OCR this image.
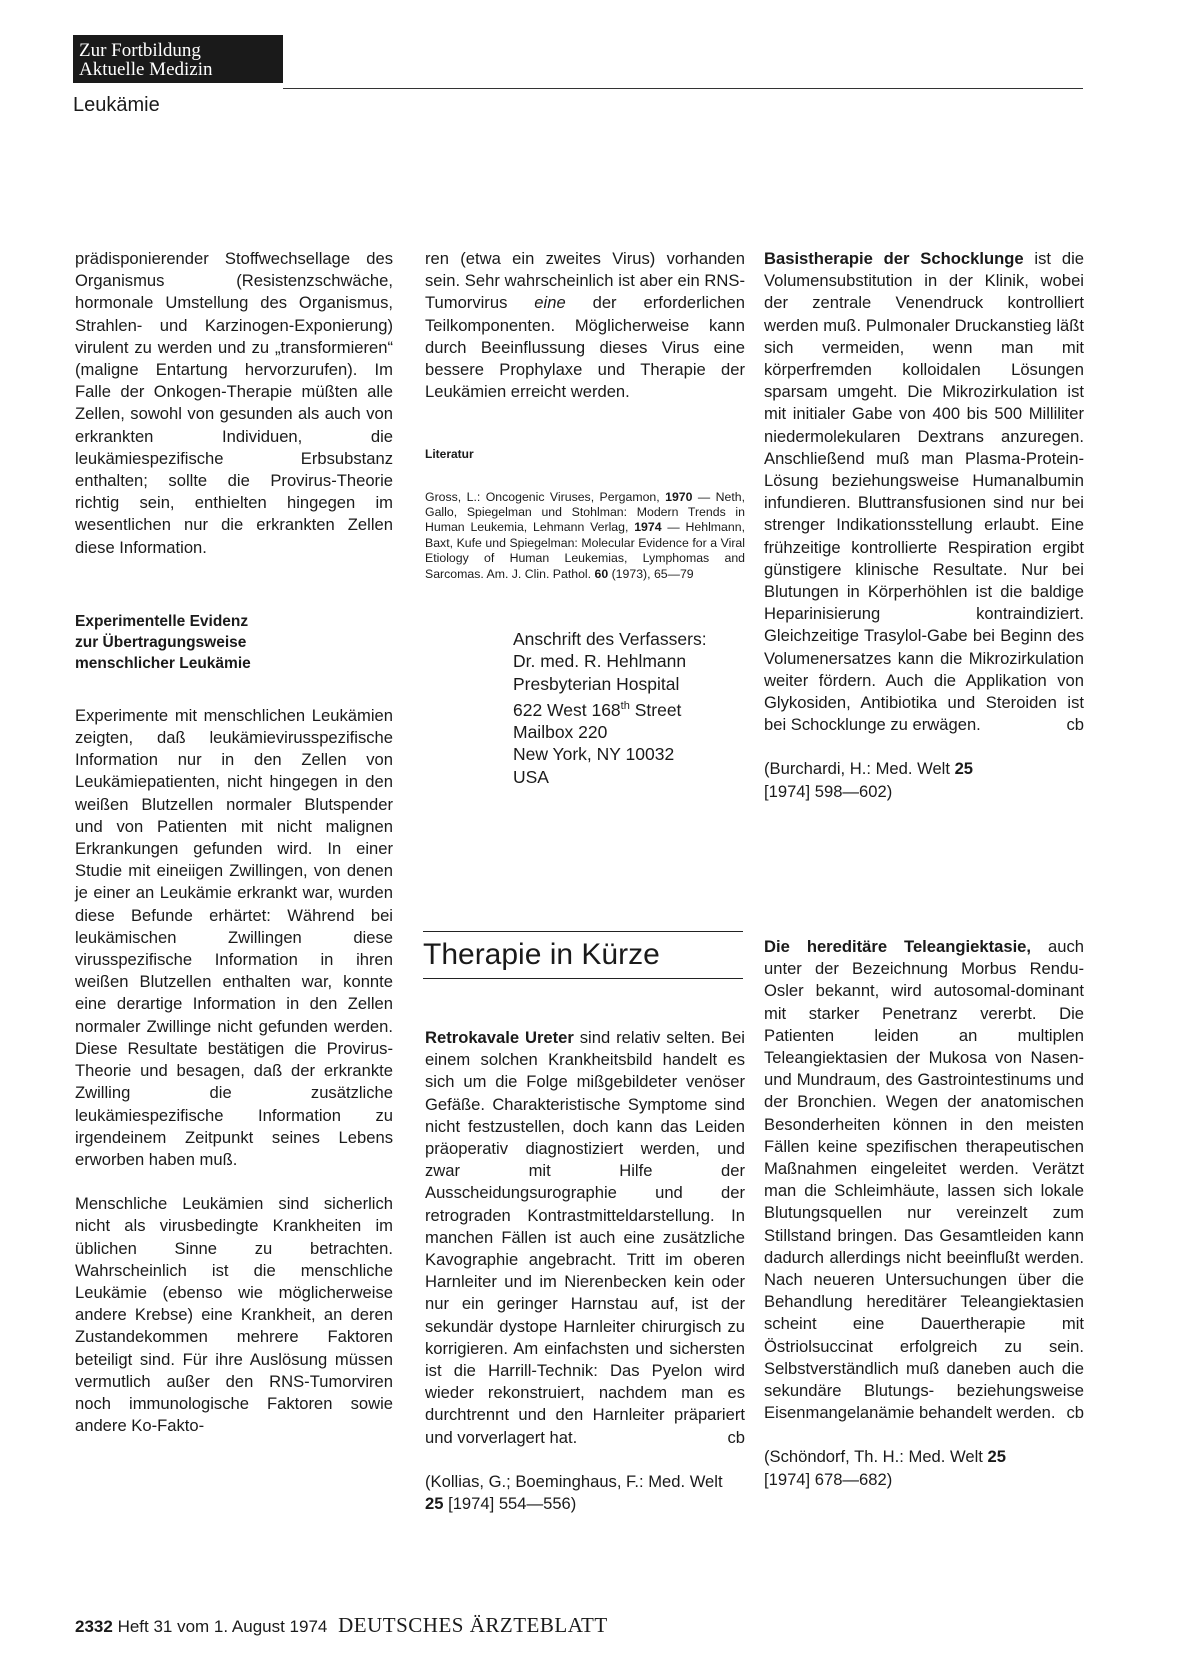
Zur Fortbildung
Aktuelle Medizin
Leukämie

prädisponierender Stoffwechsellage des Organismus (Resistenzschwäche, hormonale Umstellung des Organismus, Strahlen- und Karzinogen-Exponierung) virulent zu werden und zu „transformieren“ (maligne Entartung hervorzurufen). Im Falle der Onkogen-Therapie müßten alle Zellen, sowohl von gesunden als auch von erkrankten Individuen, die leukämiespezifische Erbsubstanz enthalten; sollte die Provirus-Theorie richtig sein, enthielten hingegen im wesentlichen nur die erkrankten Zellen diese Information.

Experimentelle Evidenz
zur Übertragungsweise
menschlicher Leukämie

Experimente mit menschlichen Leukämien zeigten, daß leukämievirusspezifische Information nur in den Zellen von Leukämiepatienten, nicht hingegen in den weißen Blutzellen normaler Blutspender und von Patienten mit nicht malignen Erkrankungen gefunden wird. In einer Studie mit eineiigen Zwillingen, von denen je einer an Leukämie erkrankt war, wurden diese Befunde erhärtet: Während bei leukämischen Zwillingen diese virusspezifische Information in ihren weißen Blutzellen enthalten war, konnte eine derartige Information in den Zellen normaler Zwillinge nicht gefunden werden. Diese Resultate bestätigen die Provirus-Theorie und besagen, daß der erkrankte Zwilling die zusätzliche leukämiespezifische Information zu irgendeinem Zeitpunkt seines Lebens erworben haben muß.

Menschliche Leukämien sind sicherlich nicht als virusbedingte Krankheiten im üblichen Sinne zu betrachten. Wahrscheinlich ist die menschliche Leukämie (ebenso wie möglicherweise andere Krebse) eine Krankheit, an deren Zustandekommen mehrere Faktoren beteiligt sind. Für ihre Auslösung müssen vermutlich außer den RNS-Tumorviren noch immunologische Faktoren sowie andere Ko-Fakto-

ren (etwa ein zweites Virus) vorhanden sein. Sehr wahrscheinlich ist aber ein RNS-Tumorvirus eine der erforderlichen Teilkomponenten. Möglicherweise kann durch Beeinflussung dieses Virus eine bessere Prophylaxe und Therapie der Leukämien erreicht werden.

Literatur
Gross, L.: Oncogenic Viruses, Pergamon, 1970 — Neth, Gallo, Spiegelman und Stohlman: Modern Trends in Human Leukemia, Lehmann Verlag, 1974 — Hehlmann, Baxt, Kufe und Spiegelman: Molecular Evidence for a Viral Etiology of Human Leukemias, Lymphomas and Sarcomas. Am. J. Clin. Pathol. 60 (1973), 65—79
Anschrift des Verfassers:
Dr. med. R. Hehlmann
Presbyterian Hospital
622 West 168th Street
Mailbox 220
New York, NY 10032
USA

Basistherapie der Schocklunge ist die Volumensubstitution in der Klinik, wobei der zentrale Venendruck kontrolliert werden muß. Pulmonaler Druckanstieg läßt sich vermeiden, wenn man mit körperfremden kolloidalen Lösungen sparsam umgeht. Die Mikrozirkulation ist mit initialer Gabe von 400 bis 500 Milliliter niedermolekularen Dextrans anzuregen. Anschließend muß man Plasma-Protein-Lösung beziehungsweise Humanalbumin infundieren. Bluttransfusionen sind nur bei strenger Indikationsstellung erlaubt. Eine frühzeitige kontrollierte Respiration ergibt günstigere klinische Resultate. Nur bei Blutungen in Körperhöhlen ist die baldige Heparinisierung kontraindiziert. Gleichzeitige Trasylol-Gabe bei Beginn des Volumenersatzes kann die Mikrozirkulation weiter fördern. Auch die Applikation von Glykosiden, Antibiotika und Steroiden ist bei Schocklunge zu erwägen.	cb

(Burchardi, H.: Med. Welt 25
[1974] 598—602)
Therapie in Kürze

Retrokavale Ureter sind relativ selten. Bei einem solchen Krankheitsbild handelt es sich um die Folge mißgebildeter venöser Gefäße. Charakteristische Symptome sind nicht festzustellen, doch kann das Leiden präoperativ diagnostiziert werden, und zwar mit Hilfe der Ausscheidungsurographie und der retrograden Kontrastmitteldarstellung. In manchen Fällen ist auch eine zusätzliche Kavographie angebracht. Tritt im oberen Harnleiter und im Nierenbecken kein oder nur ein geringer Harnstau auf, ist der sekundär dystope Harnleiter chirurgisch zu korrigieren. Am einfachsten und sichersten ist die Harrill-Technik: Das Pyelon wird wieder rekonstruiert, nachdem man es durchtrennt und den Harnleiter präpariert und vorverlagert hat.	cb

(Kollias, G.; Boeminghaus, F.: Med. Welt 25 [1974] 554—556)

Die hereditäre Teleangiektasie, auch unter der Bezeichnung Morbus Rendu-Osler bekannt, wird autosomal-dominant mit starker Penetranz vererbt. Die Patienten leiden an multiplen Teleangiektasien der Mukosa von Nasen- und Mundraum, des Gastrointestinums und der Bronchien. Wegen der anatomischen Besonderheiten können in den meisten Fällen keine spezifischen therapeutischen Maßnahmen eingeleitet werden. Verätzt man die Schleimhäute, lassen sich lokale Blutungsquellen nur vereinzelt zum Stillstand bringen. Das Gesamtleiden kann dadurch allerdings nicht beeinflußt werden. Nach neueren Untersuchungen über die Behandlung hereditärer Teleangiektasien scheint eine Dauertherapie mit Östriolsuccinat erfolgreich zu sein. Selbstverständlich muß daneben auch die sekundäre Blutungs- beziehungsweise Eisenmangelanämie behandelt werden. cb

(Schöndorf, Th. H.: Med. Welt 25
[1974] 678—682)
2332 Heft 31 vom 1. August 1974 DEUTSCHES ÄRZTEBLATT
